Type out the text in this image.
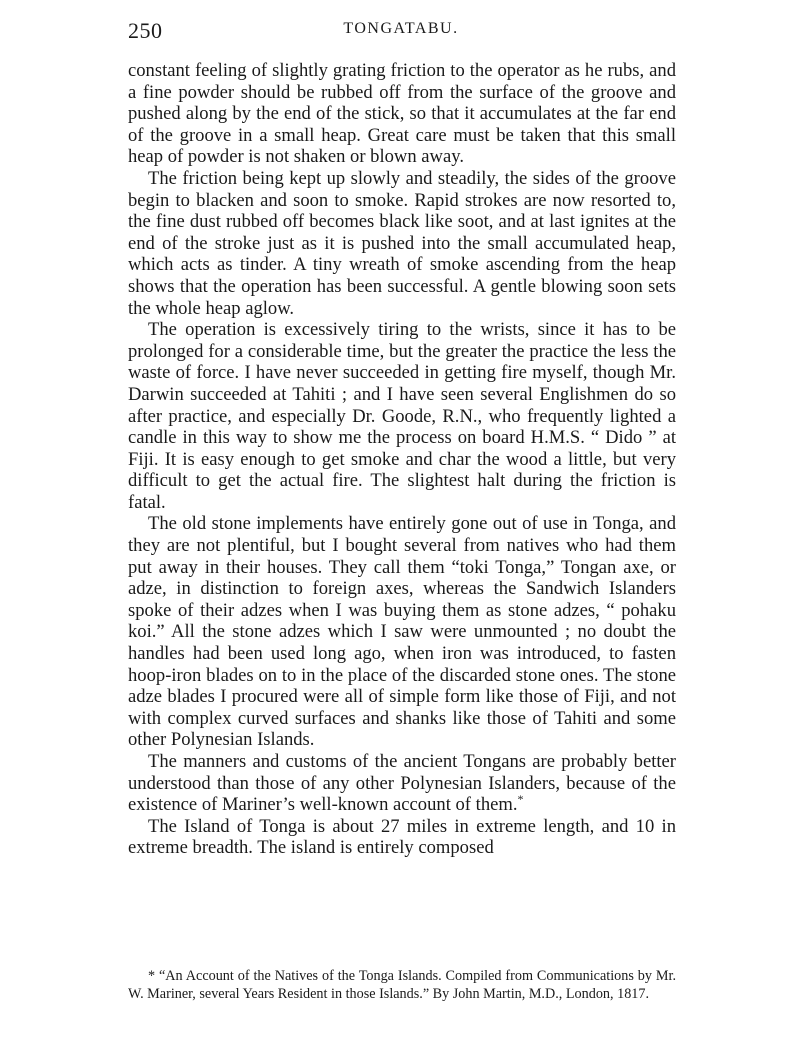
250	TONGATABU.

constant feeling of slightly grating friction to the operator as he rubs, and a fine powder should be rubbed off from the surface of the groove and pushed along by the end of the stick, so that it accumulates at the far end of the groove in a small heap. Great care must be taken that this small heap of powder is not shaken or blown away.

The friction being kept up slowly and steadily, the sides of the groove begin to blacken and soon to smoke. Rapid strokes are now resorted to, the fine dust rubbed off becomes black like soot, and at last ignites at the end of the stroke just as it is pushed into the small accumulated heap, which acts as tinder. A tiny wreath of smoke ascending from the heap shows that the operation has been successful. A gentle blowing soon sets the whole heap aglow.

The operation is excessively tiring to the wrists, since it has to be prolonged for a considerable time, but the greater the practice the less the waste of force. I have never succeeded in getting fire myself, though Mr. Darwin succeeded at Tahiti ; and I have seen several Englishmen do so after practice, and especially Dr. Goode, R.N., who frequently lighted a candle in this way to show me the process on board H.M.S. “ Dido ” at Fiji. It is easy enough to get smoke and char the wood a little, but very difficult to get the actual fire. The slightest halt during the friction is fatal.

The old stone implements have entirely gone out of use in Tonga, and they are not plentiful, but I bought several from natives who had them put away in their houses. They call them “toki Tonga,” Tongan axe, or adze, in distinction to foreign axes, whereas the Sandwich Islanders spoke of their adzes when I was buying them as stone adzes, “ pohaku koi.” All the stone adzes which I saw were unmounted ; no doubt the handles had been used long ago, when iron was introduced, to fasten hoop-iron blades on to in the place of the discarded stone ones. The stone adze blades I procured were all of simple form like those of Fiji, and not with complex curved surfaces and shanks like those of Tahiti and some other Polynesian Islands.

The manners and customs of the ancient Tongans are probably better understood than those of any other Polynesian Islanders, because of the existence of Mariner’s well-known account of them.*

The Island of Tonga is about 27 miles in extreme length, and 10 in extreme breadth. The island is entirely composed

* “An Account of the Natives of the Tonga Islands. Compiled from Communications by Mr. W. Mariner, several Years Resident in those Islands.” By John Martin, M.D., London, 1817.
